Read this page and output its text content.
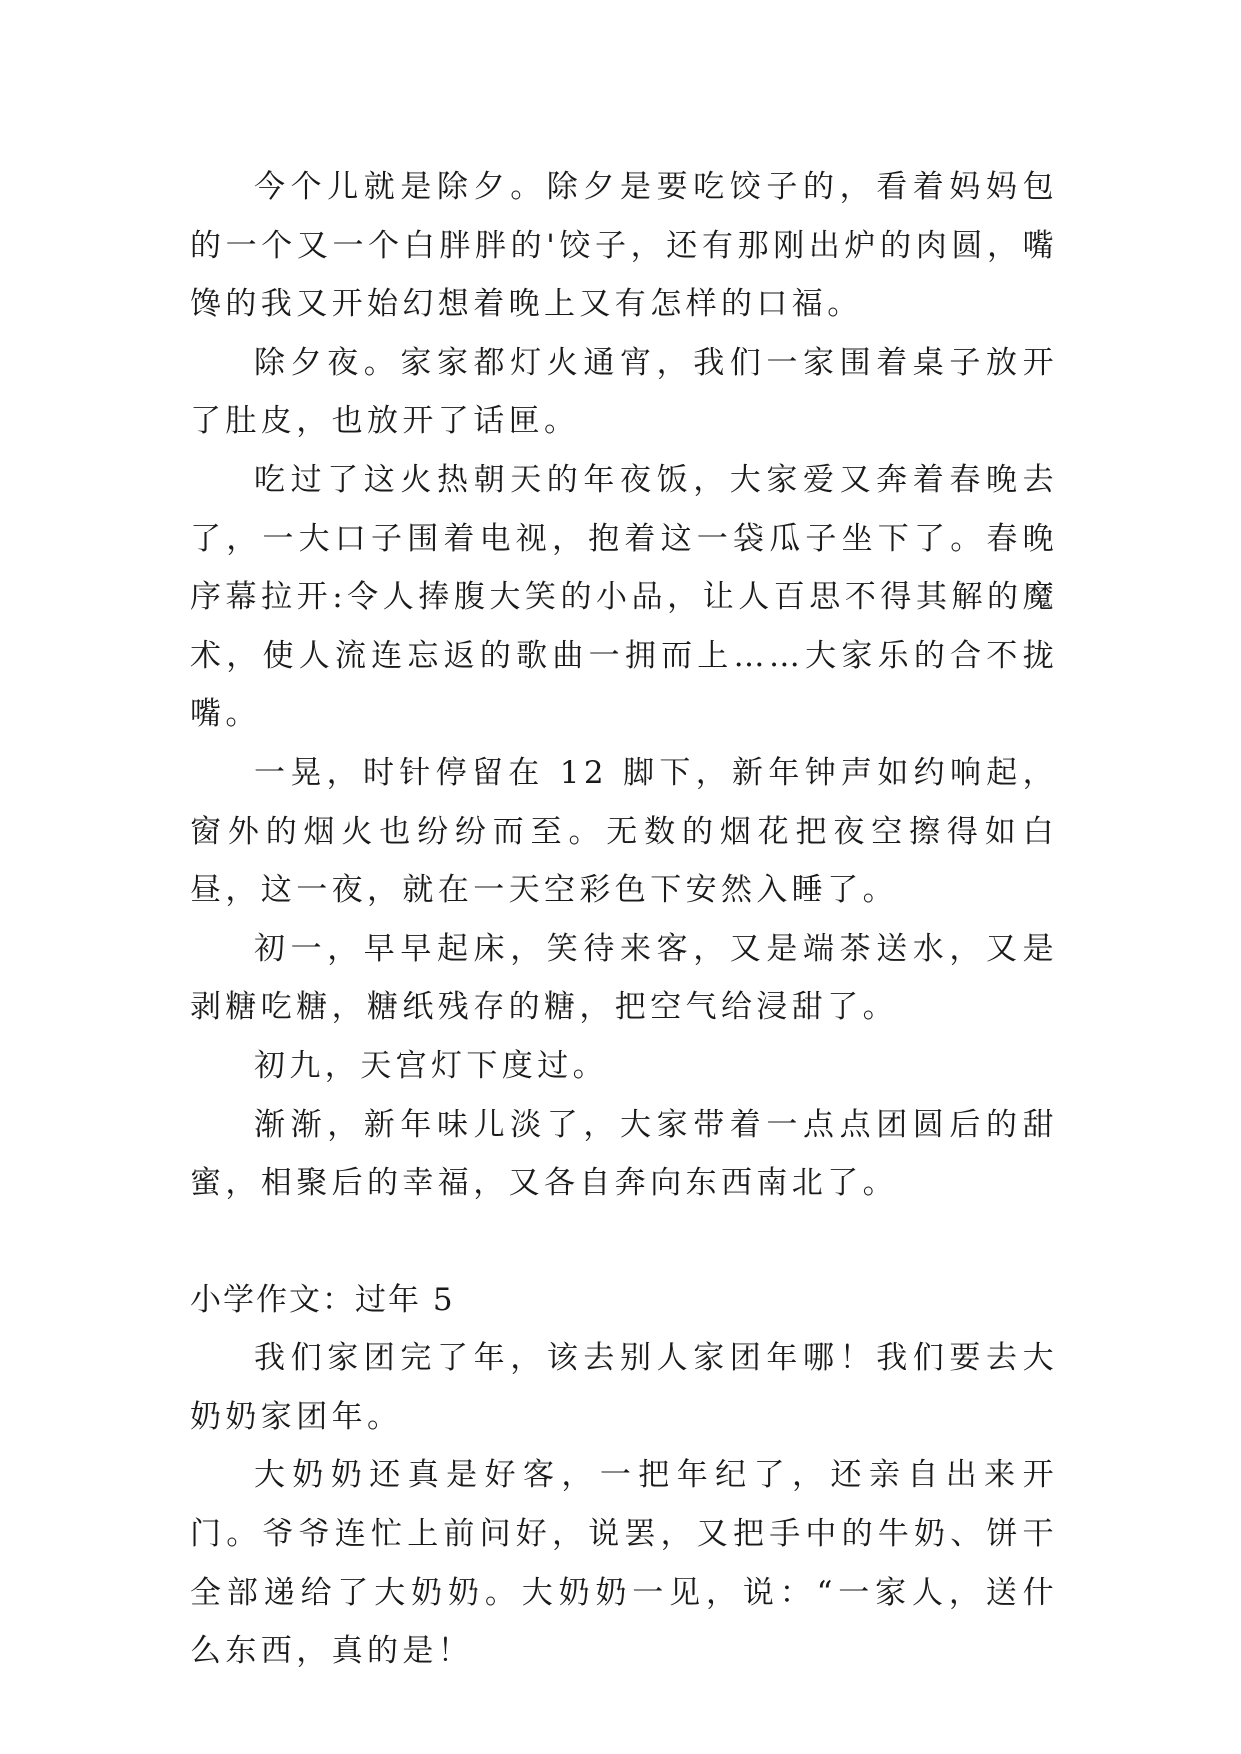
今个儿就是除夕。除夕是要吃饺子的，看着妈妈包的一个又一个白胖胖的'饺子，还有那刚出炉的肉圆，嘴馋的我又开始幻想着晚上又有怎样的口福。

除夕夜。家家都灯火通宵，我们一家围着桌子放开了肚皮，也放开了话匣。

吃过了这火热朝天的年夜饭，大家爱又奔着春晚去了，一大口子围着电视，抱着这一袋瓜子坐下了。春晚序幕拉开:令人捧腹大笑的小品，让人百思不得其解的魔术，使人流连忘返的歌曲一拥而上……大家乐的合不拢嘴。

一晃，时针停留在 12 脚下，新年钟声如约响起，窗外的烟火也纷纷而至。无数的烟花把夜空擦得如白昼，这一夜，就在一天空彩色下安然入睡了。

初一，早早起床，笑待来客，又是端茶送水，又是剥糖吃糖，糖纸残存的糖，把空气给浸甜了。

初九，天宫灯下度过。

渐渐，新年味儿淡了，大家带着一点点团圆后的甜蜜，相聚后的幸福，又各自奔向东西南北了。

小学作文：过年 5

我们家团完了年，该去别人家团年哪！我们要去大奶奶家团年。

大奶奶还真是好客，一把年纪了，还亲自出来开门。爷爷连忙上前问好，说罢，又把手中的牛奶、饼干全部递给了大奶奶。大奶奶一见，说：“一家人，送什么东西，真的是！
